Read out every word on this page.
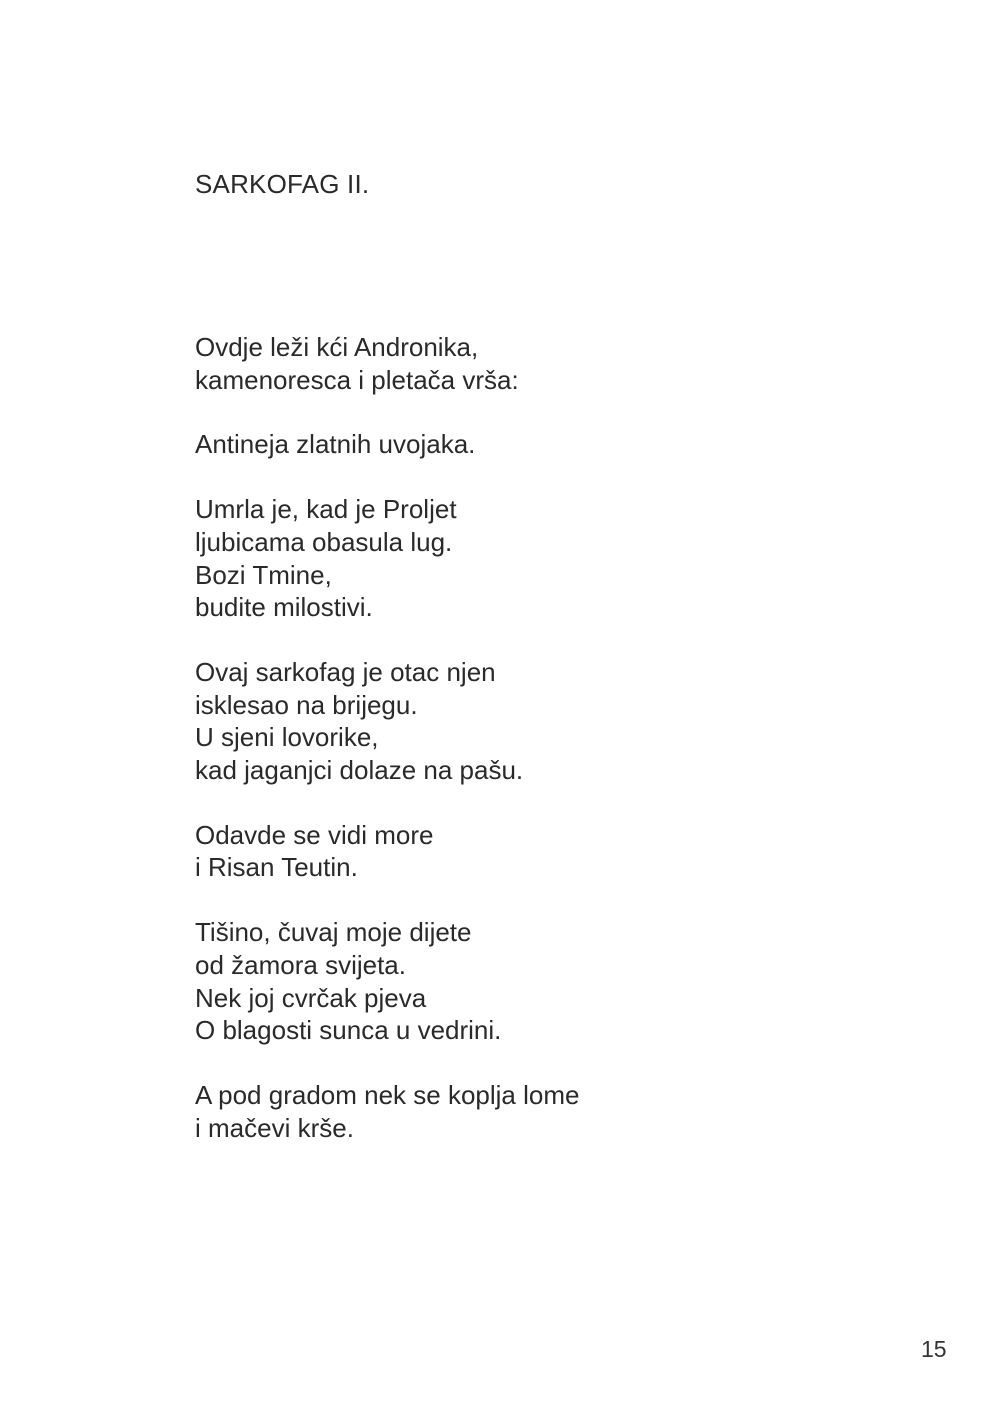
SARKOFAG II.
Ovdje leži kći Andronika,
kamenoresca i pletača vrša:
Antineja zlatnih uvojaka.
Umrla je, kad je Proljet
ljubicama obasula lug.
Bozi Tmine,
budite milostivi.
Ovaj sarkofag je otac njen
isklesao na brijegu.
U sjeni lovorike,
kad jaganjci dolaze na pašu.
Odavde se vidi more
i Risan Teutin.
Tišino, čuvaj moje dijete
od žamora svijeta.
Nek joj cvrčak pjeva
O blagosti sunca u vedrini.
A pod gradom nek se koplja lome
i mačevi krše.
15
